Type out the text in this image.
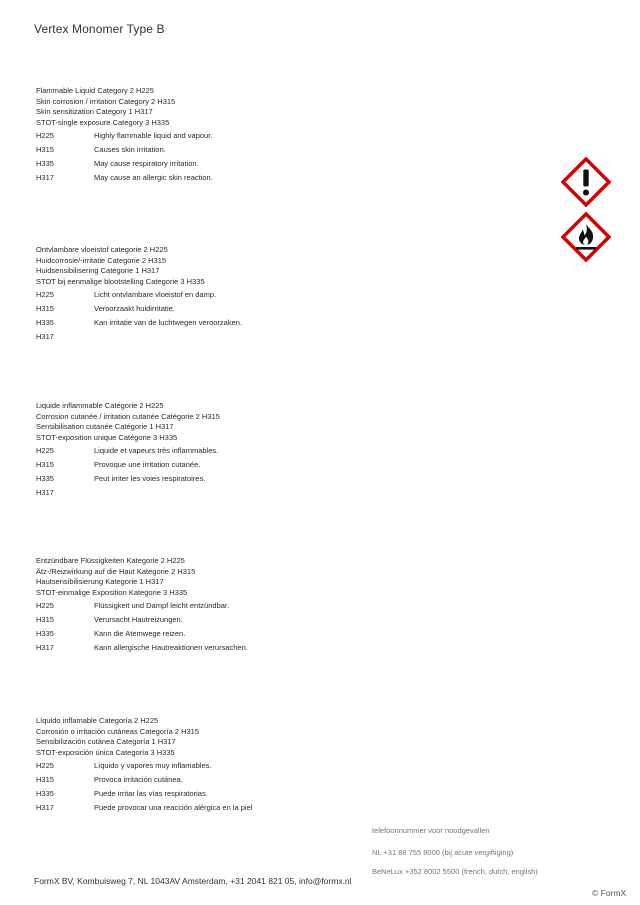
Vertex Monomer Type B
Flammable Liquid Category 2 H225
Skin corrosion / irritation Category 2 H315
Skin sensitization Category 1 H317
STOT-single exposure Category 3 H335
H225	Highly flammable liquid and vapour.
H315	Causes skin irritation.
H335	May cause respiratory irritation.
H317	May cause an allergic skin reaction.
Ontvlambare vloeistof categorie 2 H225
Huidcorrosie/-irritatie Categorie 2 H315
Huidsensibilisering Categorie 1 H317
STOT bij eenmalige blootstelling Categorie 3 H335
H225	Licht ontvlambare vloeistof en damp.
H315	Veroorzaakt huidirritatie.
H335	Kan irritatie van de luchtwegen veroorzaken.
H317
Liquide inflammable Catégorie 2 H225
Corrosion cutanée / irritation cutanée Catégorie 2 H315
Sensibilisation cutanée Catégorie 1 H317
STOT-exposition unique Catégorie 3 H335
H225	Liquide et vapeurs très inflammables.
H315	Provoque une irritation cutanée.
H335	Peut irriter les voies respiratoires.
H317
Entzündbare Flüssigkeiten Kategorie 2 H225
Ätz-/Reizwirkung auf die Haut Kategorie 2 H315
Hautsensibilisierung Kategorie 1 H317
STOT-einmalige Exposition Kategorie 3 H335
H225	Flüssigkeit und Dampf leicht entzündbar.
H315	Verursacht Hautreizungen.
H335	Kann die Atemwege reizen.
H317	Kann allergische Hautreaktionen verursachen.
Líquido inflamable Categoría 2 H225
Corrosión o irritación cutáneas Categoría 2 H315
Sensibilización cutánea Categoría 1 H317
STOT-exposición única Categoría 3 H335
H225	Líquido y vapores muy inflamables.
H315	Provoca irritación cutánea.
H335	Puede irritar las vías respiratorias.
H317	Puede provocar una reacción alérgica en la piel
telefoonnummer voor noodgevallen
NL +31 88 755 8000 (bij acute vergiftiging)
BeNeLux +352 8002 5500 (french, dutch, english)
FormX BV, Kombuisweg 7, NL 1043AV Amsterdam, +31 2041 821 05, info@formx.nl
© FormX
